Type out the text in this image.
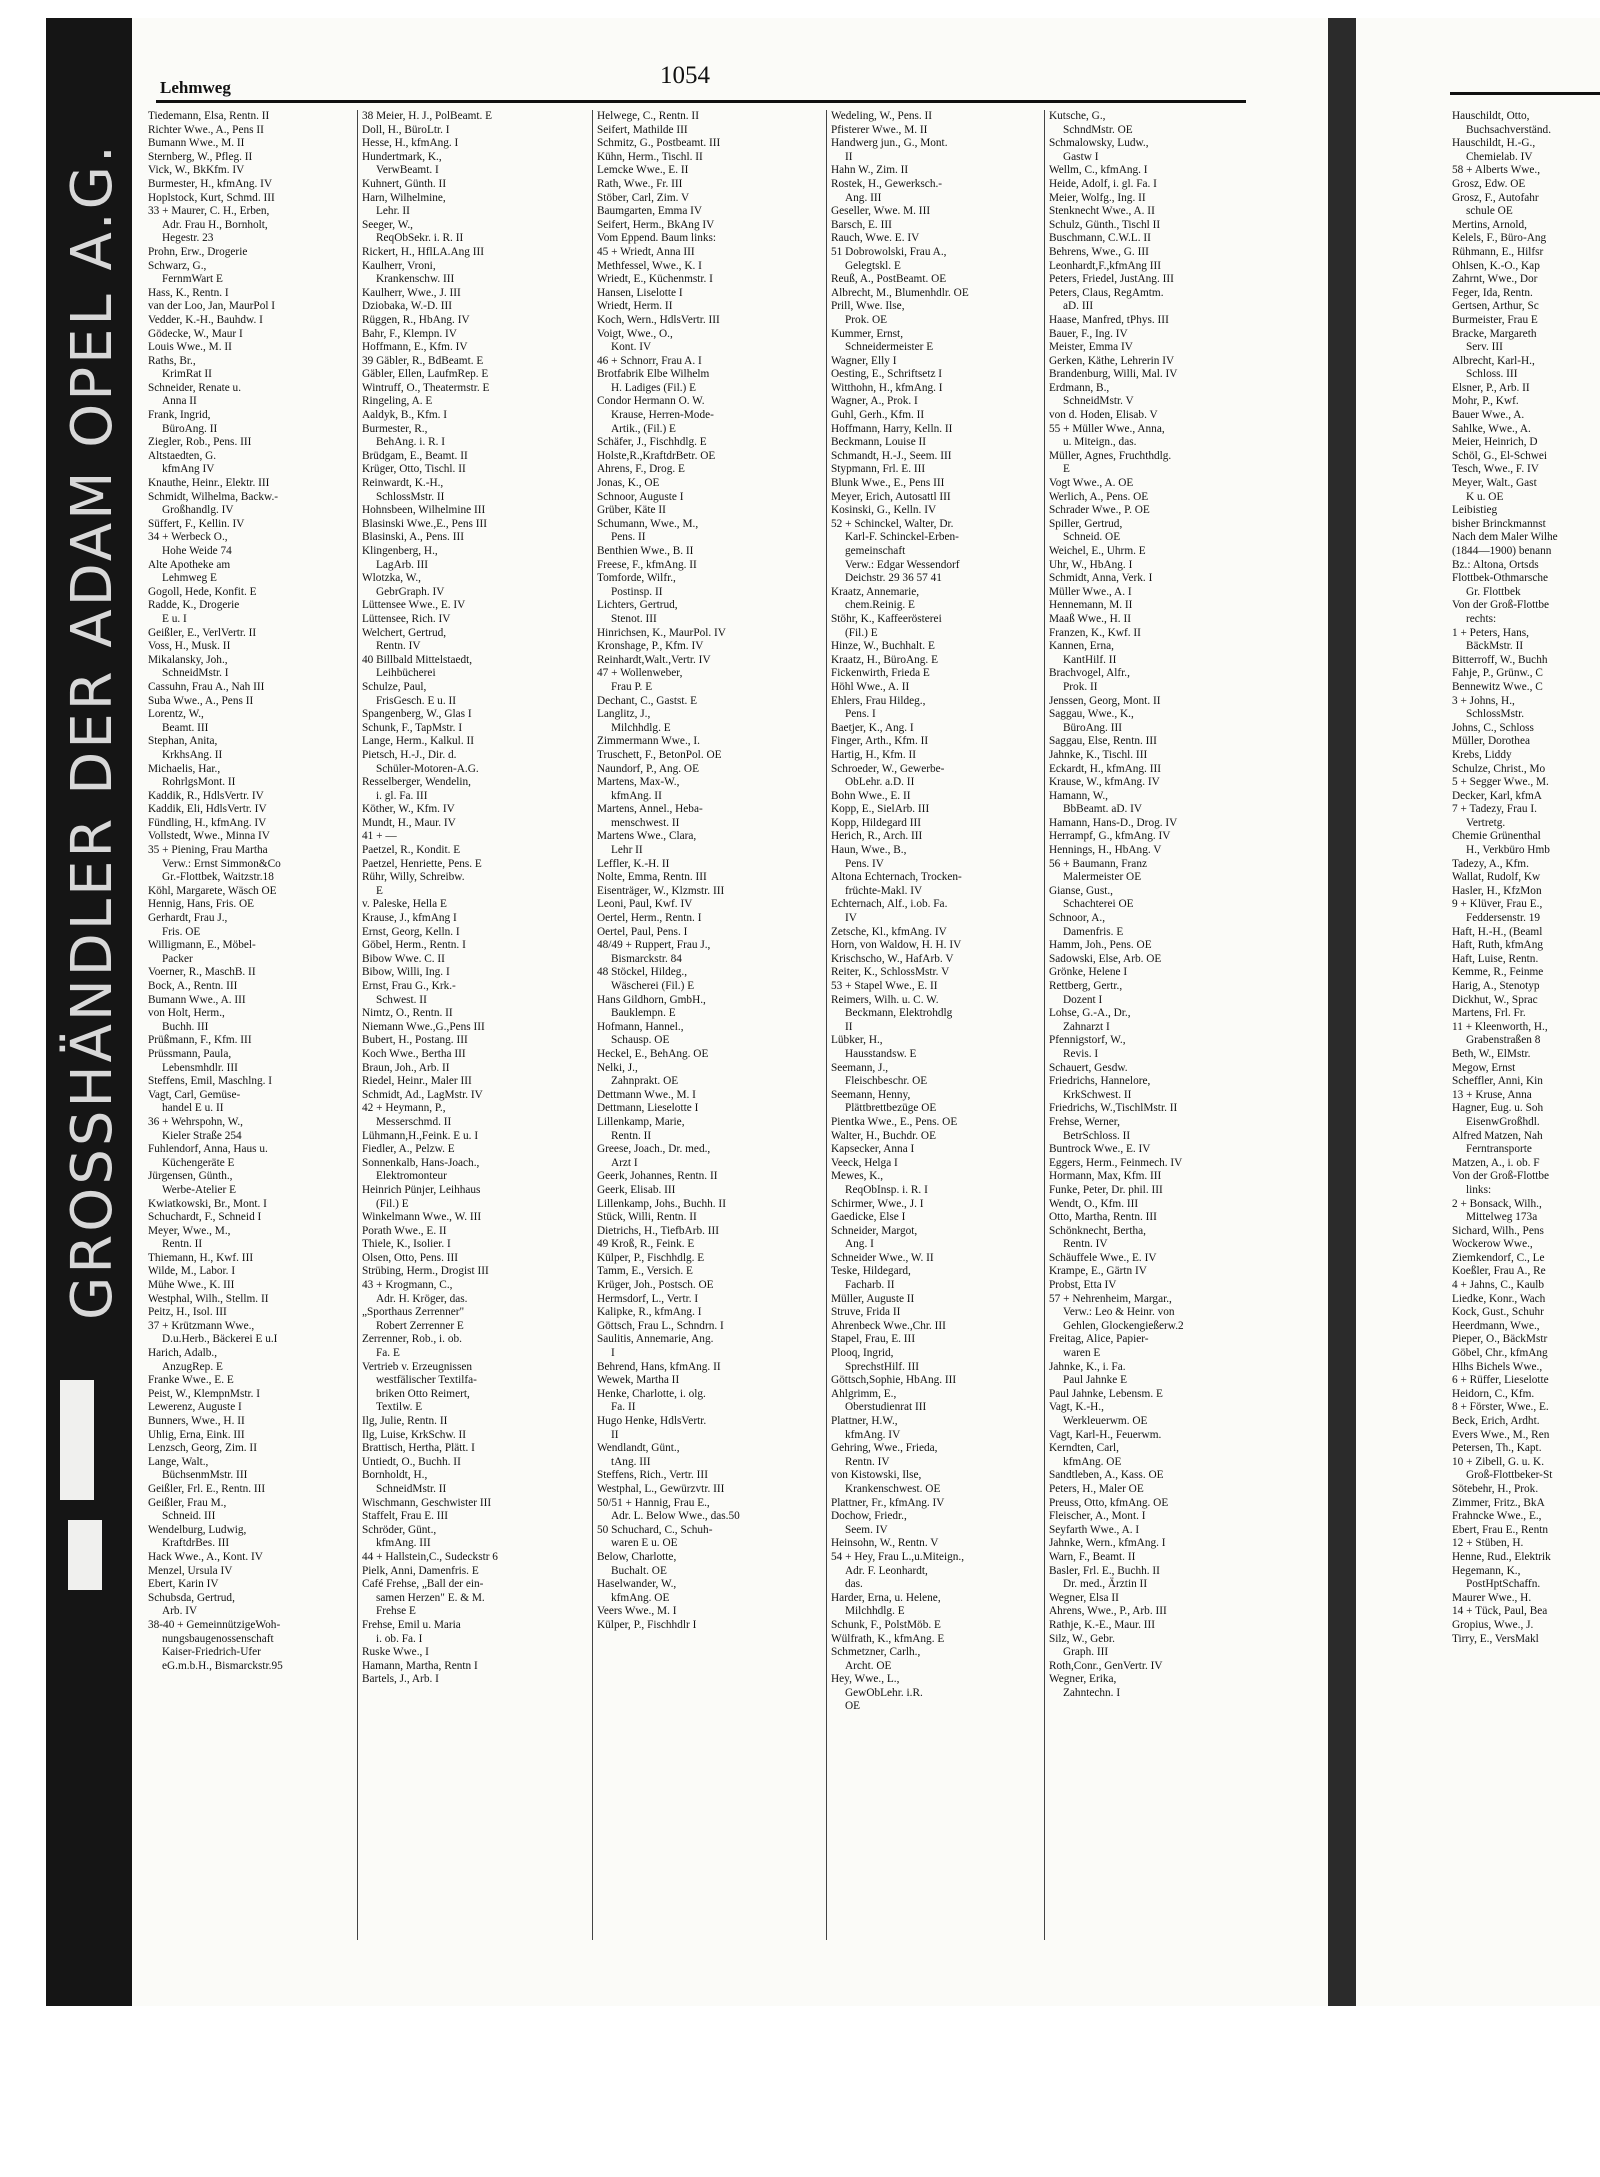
GROSSHÄNDLER DER ADAM OPEL A.G.
1054
Lehmweg
Tiedemann, Elsa, Rentn. II
Richter Wwe., A., Pens II
Bumann Wwe., M. II
Sternberg, W., Pfleg. II
Vick, W., BkKfm. IV
Burmester, H., kfmAng. IV
Hoplstock, Kurt, Schmd. III
33 + Maurer, C. H., Erben,
Adr. Frau H., Bornholt,
Hegestr. 23
Prohn, Erw., Drogerie
Schwarz, G.,
FernmWart E
Hass, K., Rentn. I
van der Loo, Jan, MaurPol I
Vedder, K.-H., Bauhdw. I
Gödecke, W., Maur I
Louis Wwe., M. II
Raths, Br.,
KrimRat II
Schneider, Renate u.
Anna II
Frank, Ingrid,
BüroAng. II
Ziegler, Rob., Pens. III
Altstaedten, G.
kfmAng IV
Knauthe, Heinr., Elektr. III
Schmidt, Wilhelma, Backw.-
Großhandlg. IV
Süffert, F., Kellin. IV
34 + Werbeck O.,
Hohe Weide 74
Alte Apotheke am
Lehmweg E
Gogoll, Hede, Konfit. E
Radde, K., Drogerie
E u. I
Geißler, E., VerlVertr. II
Voss, H., Musk. II
Mikalansky, Joh.,
SchneidMstr. I
Cassuhn, Frau A., Nah III
Suba Wwe., A., Pens II
Lorentz, W.,
Beamt. III
Stephan, Anita,
KrkhsAng. II
Michaelis, Har.,
RohrlgsMont. II
Kaddik, R., HdlsVertr. IV
Kaddik, Eli, HdlsVertr. IV
Fündling, H., kfmAng. IV
Vollstedt, Wwe., Minna IV
35 + Piening, Frau Martha
Verw.: Ernst Simmon&Co
Gr.-Flottbek, Waitzstr.18
Köhl, Margarete, Wäsch OE
Hennig, Hans, Fris. OE
Gerhardt, Frau J.,
Fris. OE
Willigmann, E., Möbel-
Packer
Voerner, R., MaschB. II
Bock, A., Rentn. III
Bumann Wwe., A. III
von Holt, Herm.,
Buchh. III
Prüßmann, F., Kfm. III
Prüssmann, Paula,
Lebensmhdlr. III
Steffens, Emil, Maschlng. I
Vagt, Carl, Gemüse-
handel E u. II
36 + Wehrspohn, W.,
Kieler Straße 254
Fuhlendorf, Anna, Haus u.
Küchengeräte E
Jürgensen, Günth.,
Werbe-Atelier E
Kwiatkowski, Br., Mont. I
Schuchardt, F., Schneid I
Meyer, Wwe., M.,
Rentn. II
Thiemann, H., Kwf. III
Wilde, M., Labor. I
Mühe Wwe., K. III
Westphal, Wilh., Stellm. II
Peitz, H., Isol. III
37 + Krützmann Wwe.,
D.u.Herb., Bäckerei E u.I
Harich, Adalb.,
AnzugRep. E
Franke Wwe., E. E
Peist, W., KlempnMstr. I
Lewerenz, Auguste I
Bunners, Wwe., H. II
Uhlig, Erna, Eink. III
Lenzsch, Georg, Zim. II
Lange, Walt.,
BüchsenmMstr. III
Geißler, Frl. E., Rentn. III
Geißler, Frau M.,
Schneid. III
Wendelburg, Ludwig,
KraftdrBes. III
Hack Wwe., A., Kont. IV
Menzel, Ursula IV
Ebert, Karin IV
Schubsda, Gertrud,
Arb. IV
38-40 + GemeinnützigeWoh-
nungsbaugenossenschaft
Kaiser-Friedrich-Ufer
eG.m.b.H., Bismarckstr.95
38 Meier, H. J., PolBeamt. E
Doll, H., BüroLtr. I
Hesse, H., kfmAng. I
Hundertmark, K.,
VerwBeamt. I
Kuhnert, Günth. II
Harn, Wilhelmine,
Lehr. II
Seeger, W.,
ReqObSekr. i. R. II
Rickert, H., HflLA.Ang III
Kaulherr, Vroni,
Krankenschw. III
Kaulherr, Wwe., J. III
Dziobaka, W.-D. III
Rüggen, R., HbAng. IV
Bahr, F., Klempn. IV
Hoffmann, E., Kfm. IV
39 Gäbler, R., BdBeamt. E
Gäbler, Ellen, LaufmRep. E
Wintruff, O., Theatermstr. E
Ringeling, A. E
Aaldyk, B., Kfm. I
Burmester, R.,
BehAng. i. R. I
Brüdgam, E., Beamt. II
Krüger, Otto, Tischl. II
Reinwardt, K.-H.,
SchlossMstr. II
Hohnsbeen, Wilhelmine III
Blasinski Wwe.,E., Pens III
Blasinski, A., Pens. III
Klingenberg, H.,
LagArb. III
Wlotzka, W.,
GebrGraph. IV
Lüttensee Wwe., E. IV
Lüttensee, Rich. IV
Welchert, Gertrud,
Rentn. IV
40 Billbald Mittelstaedt,
Leihbücherei
Schulze, Paul,
FrisGesch. E u. II
Spangenberg, W., Glas I
Schunk, F., TapMstr. I
Lange, Herm., Kalkul. II
Pietsch, H.-J., Dir. d.
Schüler-Motoren-A.G.
Resselberger, Wendelin,
i. gl. Fa. III
Köther, W., Kfm. IV
Mundt, H., Maur. IV
41 + —
Paetzel, R., Kondit. E
Paetzel, Henriette, Pens. E
Rühr, Willy, Schreibw.
E
v. Paleske, Hella E
Krause, J., kfmAng I
Ernst, Georg, Kelln. I
Göbel, Herm., Rentn. I
Bibow Wwe. C. II
Bibow, Willi, Ing. I
Ernst, Frau G., Krk.-
Schwest. II
Nimtz, O., Rentn. II
Niemann Wwe.,G.,Pens III
Bubert, H., Postang. III
Koch Wwe., Bertha III
Braun, Joh., Arb. II
Riedel, Heinr., Maler III
Schmidt, Ad., LagMstr. IV
42 + Heymann, P.,
Messerschmd. II
Lühmann,H.,Feink. E u. I
Fiedler, A., Pelzw. E
Sonnenkalb, Hans-Joach.,
Elektromonteur
Heinrich Pünjer, Leihhaus
(Fil.) E
Winkelmann Wwe., W. III
Porath Wwe., E. II
Thiele, K., Isolier. I
Olsen, Otto, Pens. III
Strübing, Herm., Drogist III
43 + Krogmann, C.,
Adr. H. Kröger, das.
„Sporthaus Zerrenner"
Robert Zerrenner E
Zerrenner, Rob., i. ob.
Fa. E
Vertrieb v. Erzeugnissen
westfälischer Textilfa-
briken Otto Reimert,
Textilw. E
Ilg, Julie, Rentn. II
Ilg, Luise, KrkSchw. II
Brattisch, Hertha, Plätt. I
Untiedt, O., Buchh. II
Bornholdt, H.,
SchneidMstr. II
Wischmann, Geschwister III
Staffelt, Frau E. III
Schröder, Günt.,
kfmAng. III
44 + Hallstein,C., Sudeckstr 6
Pielk, Anni, Damenfris. E
Café Frehse, „Ball der ein-
samen Herzen" E. & M.
Frehse E
Frehse, Emil u. Maria
i. ob. Fa. I
Ruske Wwe., I
Hamann, Martha, Rentn I
Bartels, J., Arb. I
Helwege, C., Rentn. II
Seifert, Mathilde III
Schmitz, G., Postbeamt. III
Kühn, Herm., Tischl. II
Lemcke Wwe., E. II
Rath, Wwe., Fr. III
Stöber, Carl, Zim. V
Baumgarten, Emma IV
Seifert, Herm., BkAng IV
Vom Eppend. Baum links:
45 + Wriedt, Anna III
Methfessel, Wwe., K. I
Wriedt, E., Küchenmstr. I
Hansen, Liselotte I
Wriedt, Herm. II
Koch, Wern., HdlsVertr. III
Voigt, Wwe., O.,
Kont. IV
46 + Schnorr, Frau A. I
Brotfabrik Elbe Wilhelm
H. Ladiges (Fil.) E
Condor Hermann O. W.
Krause, Herren-Mode-
Artik., (Fil.) E
Schäfer, J., Fischhdlg. E
Holste,R.,KraftdrBetr. OE
Ahrens, F., Drog. E
Jonas, K., OE
Schnoor, Auguste I
Grüber, Käte II
Schumann, Wwe., M.,
Pens. II
Benthien Wwe., B. II
Freese, F., kfmAng. II
Tomforde, Wilfr.,
Postinsp. II
Lichters, Gertrud,
Stenot. III
Hinrichsen, K., MaurPol. IV
Kronshage, P., Kfm. IV
Reinhardt,Walt.,Vertr. IV
47 + Wollenweber,
Frau P. E
Dechant, C., Gastst. E
Langlitz, J.,
Milchhdlg. E
Zimmermann Wwe., I.
Truschett, F., BetonPol. OE
Naundorf, P., Ang. OE
Martens, Max-W.,
kfmAng. II
Martens, Annel., Heba-
menschwest. II
Martens Wwe., Clara,
Lehr II
Leffler, K.-H. II
Nolte, Emma, Rentn. III
Eisenträger, W., Klzmstr. III
Leoni, Paul, Kwf. IV
Oertel, Herm., Rentn. I
Oertel, Paul, Pens. I
48/49 + Ruppert, Frau J.,
Bismarckstr. 84
48 Stöckel, Hildeg.,
Wäscherei (Fil.) E
Hans Gildhorn, GmbH.,
Bauklempn. E
Hofmann, Hannel.,
Schausp. OE
Heckel, E., BehAng. OE
Nelki, J.,
Zahnprakt. OE
Dettmann Wwe., M. I
Dettmann, Lieselotte I
Lillenkamp, Marie,
Rentn. II
Greese, Joach., Dr. med.,
Arzt I
Geerk, Johannes, Rentn. II
Geerk, Elisab. III
Lillenkamp, Johs., Buchh. II
Stück, Willi, Rentn. II
Dietrichs, H., TiefbArb. III
49 Kroß, R., Feink. E
Külper, P., Fischhdlg. E
Tamm, E., Versich. E
Krüger, Joh., Postsch. OE
Hermsdorf, L., Vertr. I
Kalipke, R., kfmAng. I
Göttsch, Frau L., Schndrn. I
Saulitis, Annemarie, Ang.
I
Behrend, Hans, kfmAng. II
Wewek, Martha II
Henke, Charlotte, i. olg.
Fa. II
Hugo Henke, HdlsVertr.
II
Wendlandt, Günt.,
tAng. III
Steffens, Rich., Vertr. III
Westphal, L., Gewürzvtr. III
50/51 + Hannig, Frau E.,
Adr. L. Below Wwe., das.50
50 Schuchard, C., Schuh-
waren E u. OE
Below, Charlotte,
Buchalt. OE
Haselwander, W.,
kfmAng. OE
Veers Wwe., M. I
Külper, P., Fischhdlr I
Wedeling, W., Pens. II
Pfisterer Wwe., M. II
Handwerg jun., G., Mont.
II
Hahn W., Zim. II
Rostek, H., Gewerksch.-
Ang. III
Geseller, Wwe. M. III
Barsch, E. III
Rauch, Wwe. E. IV
51 Dobrowolski, Frau A.,
Gelegtskl. E
Reuß, A., PostBeamt. OE
Albrecht, M., Blumenhdlr. OE
Prill, Wwe. Ilse,
Prok. OE
Kummer, Ernst,
Schneidermeister E
Wagner, Elly I
Oesting, E., Schriftsetz I
Witthohn, H., kfmAng. I
Wagner, A., Prok. I
Guhl, Gerh., Kfm. II
Hoffmann, Harry, Kelln. II
Beckmann, Louise II
Schmandt, H.-J., Seem. III
Stypmann, Frl. E. III
Blunk Wwe., E., Pens III
Meyer, Erich, Autosattl III
Kosinski, G., Kelln. IV
52 + Schinckel, Walter, Dr.
Karl-F. Schinckel-Erben-
gemeinschaft
Verw.: Edgar Wessendorf
Deichstr. 29 36 57 41
Kraatz, Annemarie,
chem.Reinig. E
Stöhr, K., Kaffeerösterei
(Fil.) E
Hinze, W., Buchhalt. E
Kraatz, H., BüroAng. E
Fickenwirth, Frieda E
Höhl Wwe., A. II
Ehlers, Frau Hildeg.,
Pens. I
Baetjer, K., Ang. I
Finger, Arth., Kfm. II
Hartig, H., Kfm. II
Schroeder, W., Gewerbe-
ObLehr. a.D. II
Bohn Wwe., E. II
Kopp, E., SielArb. III
Kopp, Hildegard III
Herich, R., Arch. III
Haun, Wwe., B.,
Pens. IV
Altona Echternach, Trocken-
früchte-Makl. IV
Echternach, Alf., i.ob. Fa.
IV
Zetsche, Kl., kfmAng. IV
Horn, von Waldow, H. H. IV
Krischscho, W., HafArb. V
Reiter, K., SchlossMstr. V
53 + Stapel Wwe., E. II
Reimers, Wilh. u. C. W.
Beckmann, Elektrohdlg
II
Lübker, H.,
Hausstandsw. E
Seemann, J.,
Fleischbeschr. OE
Seemann, Henny,
Plättbrettbezüge OE
Pientka Wwe., E., Pens. OE
Walter, H., Buchdr. OE
Kapsecker, Anna I
Veeck, Helga I
Mewes, K.,
ReqObInsp. i. R. I
Schirmer, Wwe., J. I
Gaedicke, Else I
Schneider, Margot,
Ang. I
Schneider Wwe., W. II
Teske, Hildegard,
Facharb. II
Müller, Auguste II
Struve, Frida II
Ahrenbeck Wwe.,Chr. III
Stapel, Frau, E. III
Plooq, Ingrid,
SprechstHilf. III
Göttsch,Sophie, HbAng. III
Ahlgrimm, E.,
Oberstudienrat III
Plattner, H.W.,
kfmAng. IV
Gehring, Wwe., Frieda,
Rentn. IV
von Kistowski, Ilse,
Krankenschwest. OE
Plattner, Fr., kfmAng. IV
Dochow, Friedr.,
Seem. IV
Heinsohn, W., Rentn. V
54 + Hey, Frau L.,u.Miteign.,
Adr. F. Leonhardt,
das.
Harder, Erna, u. Helene,
Milchhdlg. E
Schunk, F., PolstMöb. E
Wülfrath, K., kfmAng. E
Schmetzner, Carlh.,
Archt. OE
Hey, Wwe., L.,
GewObLehr. i.R.
OE
Kutsche, G.,
SchndMstr. OE
Schmalowsky, Ludw.,
Gastw I
Wellm, C., kfmAng. I
Heide, Adolf, i. gl. Fa. I
Meier, Wolfg., Ing. II
Stenknecht Wwe., A. II
Schulz, Günth., Tischl II
Buschmann, C.W.L. II
Behrens, Wwe., G. III
Leonhardt,F.,kfmAng III
Peters, Friedel, JustAng. III
Peters, Claus, RegAmtm.
aD. III
Haase, Manfred, tPhys. III
Bauer, F., Ing. IV
Meister, Emma IV
Gerken, Käthe, Lehrerin IV
Brandenburg, Willi, Mal. IV
Erdmann, B.,
SchneidMstr. V
von d. Hoden, Elisab. V
55 + Müller Wwe., Anna,
u. Miteign., das.
Müller, Agnes, Fruchthdlg.
E
Vogt Wwe., A. OE
Werlich, A., Pens. OE
Schrader Wwe., P. OE
Spiller, Gertrud,
Schneid. OE
Weichel, E., Uhrm. E
Uhr, W., HbAng. I
Schmidt, Anna, Verk. I
Müller Wwe., A. I
Hennemann, M. II
Maaß Wwe., H. II
Franzen, K., Kwf. II
Kannen, Erna,
KantHilf. II
Brachvogel, Alfr.,
Prok. II
Jenssen, Georg, Mont. II
Saggau, Wwe., K.,
BüroAng. III
Saggau, Else, Rentn. III
Jahnke, K., Tischl. III
Eckardt, H., kfmAng. III
Krause, W., kfmAng. IV
Hamann, W.,
BbBeamt. aD. IV
Hamann, Hans-D., Drog. IV
Herrampf, G., kfmAng. IV
Hennings, H., HbAng. V
56 + Baumann, Franz
Malermeister OE
Gianse, Gust.,
Schachterei OE
Schnoor, A.,
Damenfris. E
Hamm, Joh., Pens. OE
Sadowski, Else, Arb. OE
Grönke, Helene I
Rettberg, Gertr.,
Dozent I
Lohse, G.-A., Dr.,
Zahnarzt I
Pfennigstorf, W.,
Revis. I
Schauert, Gesdw.
Friedrichs, Hannelore,
KrkSchwest. II
Friedrichs, W.,TischlMstr. II
Frehse, Werner,
BetrSchloss. II
Buntrock Wwe., E. IV
Eggers, Herm., Feinmech. IV
Hormann, Max, Kfm. III
Funke, Peter, Dr. phil. III
Wendt, O., Kfm. III
Otto, Martha, Rentn. III
Schönknecht, Bertha,
Rentn. IV
Schäuffele Wwe., E. IV
Krampe, E., Gärtn IV
Probst, Etta IV
57 + Nehrenheim, Margar.,
Verw.: Leo & Heinr. von
Gehlen, Glockengießerw.2
Freitag, Alice, Papier-
waren E
Jahnke, K., i. Fa.
Paul Jahnke E
Paul Jahnke, Lebensm. E
Vagt, K.-H.,
Werkleuerwm. OE
Vagt, Karl-H., Feuerwm.
Kerndten, Carl,
kfmAng. OE
Sandtleben, A., Kass. OE
Peters, H., Maler OE
Preuss, Otto, kfmAng. OE
Fleischer, A., Mont. I
Seyfarth Wwe., A. I
Jahnke, Wern., kfmAng. I
Warn, F., Beamt. II
Basler, Frl. E., Buchh. II
Dr. med., Ärztin II
Wegner, Elsa II
Ahrens, Wwe., P., Arb. III
Rathje, K.-E., Maur. III
Silz, W., Gebr.
Graph. III
Roth,Conr., GenVertr. IV
Wegner, Erika,
Zahntechn. I
Hauschildt, Otto,
Buchsachverständ.
Hauschildt, H.-G.,
Chemielab. IV
58 + Alberts Wwe.,
Grosz, Edw. OE
Grosz, F., Autofahr
schule OE
Mertins, Arnold,
Kelels, F., Büro-Ang
Rühmann, E., Hilfsr
Ohlsen, K.-O., Kap
Zahrnt, Wwe., Dor
Feger, Ida, Rentn.
Gertsen, Arthur, Sc
Burmeister, Frau E
Bracke, Margareth
Serv. III
Albrecht, Karl-H.,
Schloss. III
Elsner, P., Arb. II
Mohr, P., Kwf.
Bauer Wwe., A.
Sahlke, Wwe., A.
Meier, Heinrich, D
Schöl, G., El-Schwei
Tesch, Wwe., F. IV
Meyer, Walt., Gast
K u. OE
Leibistieg
bisher Brinckmannst
Nach dem Maler Wilhe
(1844—1900) benann
Bz.: Altona, Ortsds
Flottbek-Othmarsche
Gr. Flottbek
Von der Groß-Flottbe
rechts:
1 + Peters, Hans,
BäckMstr. II
Bitterroff, W., Buchh
Fahje, P., Grünw., C
Bennewitz Wwe., C
3 + Johns, H.,
SchlossMstr.
Johns, C., Schloss
Müller, Dorothea
Krebs, Liddy
Schulze, Christ., Mo
5 + Segger Wwe., M.
Decker, Karl, kfmA
7 + Tadezy, Frau I.
Vertretg.
Chemie Grünenthal
H., Verkbüro Hmb
Tadezy, A., Kfm.
Wallat, Rudolf, Kw
Hasler, H., KfzMon
9 + Klüver, Frau E.,
Feddersenstr. 19
Haft, H.-H., (Beaml
Haft, Ruth, kfmAng
Haft, Luise, Rentn.
Kemme, R., Feinme
Harig, A., Stenotyp
Dickhut, W., Sprac
Martens, Frl. Fr.
11 + Kleenworth, H.,
Grabenstraßen 8
Beth, W., ElMstr.
Megow, Ernst
Scheffler, Anni, Kin
13 + Kruse, Anna
Hagner, Eug. u. Soh
EisenwGroßhdl.
Alfred Matzen, Nah
Ferntransporte
Matzen, A., i. ob. F
Von der Groß-Flottbe
links:
2 + Bonsack, Wilh.,
Mittelweg 173a
Sichard, Wilh., Pens
Wockerow Wwe.,
Ziemkendorf, C., Le
Koeßler, Frau A., Re
4 + Jahns, C., Kaulb
Liedke, Konr., Wach
Kock, Gust., Schuhr
Heerdmann, Wwe.,
Pieper, O., BäckMstr
Göbel, Chr., kfmAng
Hlhs Bichels Wwe.,
6 + Rüffer, Lieselotte
Heidorn, C., Kfm.
8 + Förster, Wwe., E.
Beck, Erich, Ardht.
Evers Wwe., M., Ren
Petersen, Th., Kapt.
10 + Zibell, G. u. K.
Groß-Flottbeker-St
Sötebehr, H., Prok.
Zimmer, Fritz., BkA
Frahncke Wwe., E.,
Ebert, Frau E., Rentn
12 + Stüben, H.
Henne, Rud., Elektrik
Hegemann, K.,
PostHptSchaffn.
Maurer Wwe., H.
14 + Tück, Paul, Bea
Gropius, Wwe., J.
Tirry, E., VersMakl
